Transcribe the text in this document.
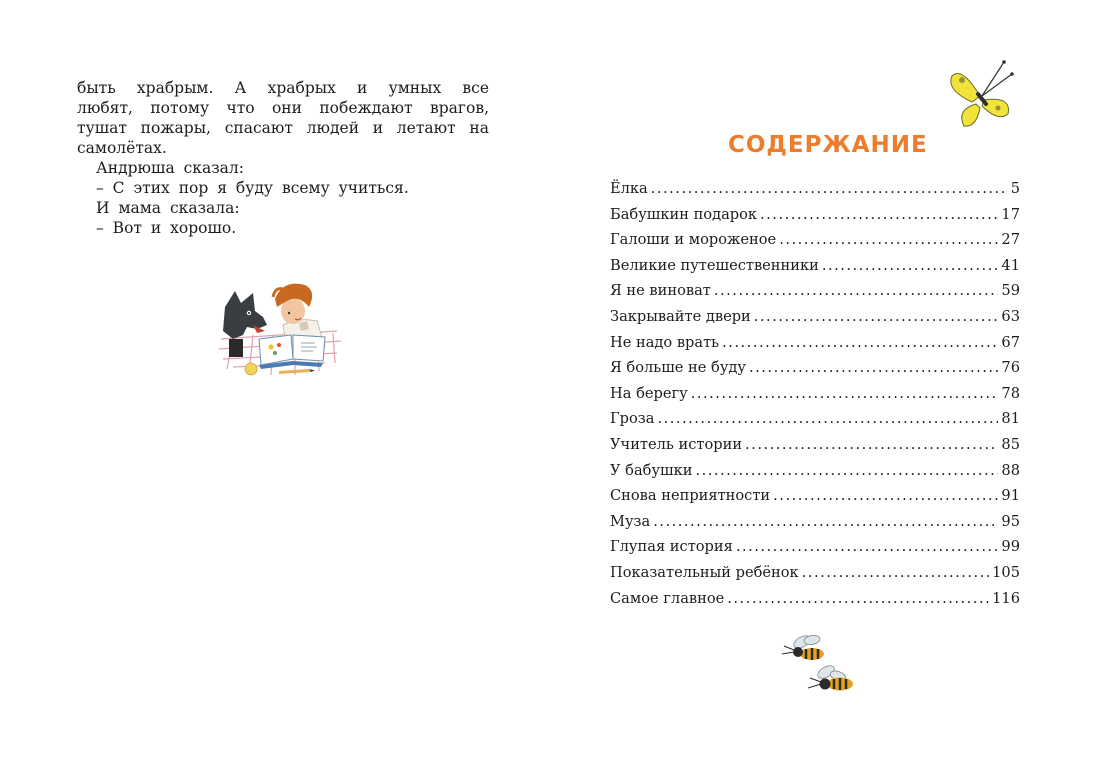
быть храбрым. А храбрых и умных все

любят, потому что они побеждают врагов,

тушат пожары, спасают людей и летают на

самолётах.

Андрюша сказал:

– С этих пор я буду всему учиться.

И мама сказала:

– Вот и хорошо.

СОДЕРЖАНИЕ
Ёлка .....	5
Бабушкин подарок .....	17
Галоши и мороженое .....	27
Великие путешественники .....	41
Я не виноват .....	59
Закрывайте двери .....	63
Не надо врать .....	67
Я больше не буду .....	76
На берегу .....	78
Гроза .....	81
Учитель истории .....	85
У бабушки .....	88
Снова неприятности .....	91
Муза .....	95
Глупая история .....	99
Показательный ребёнок .....	105
Самое главное .....	116
